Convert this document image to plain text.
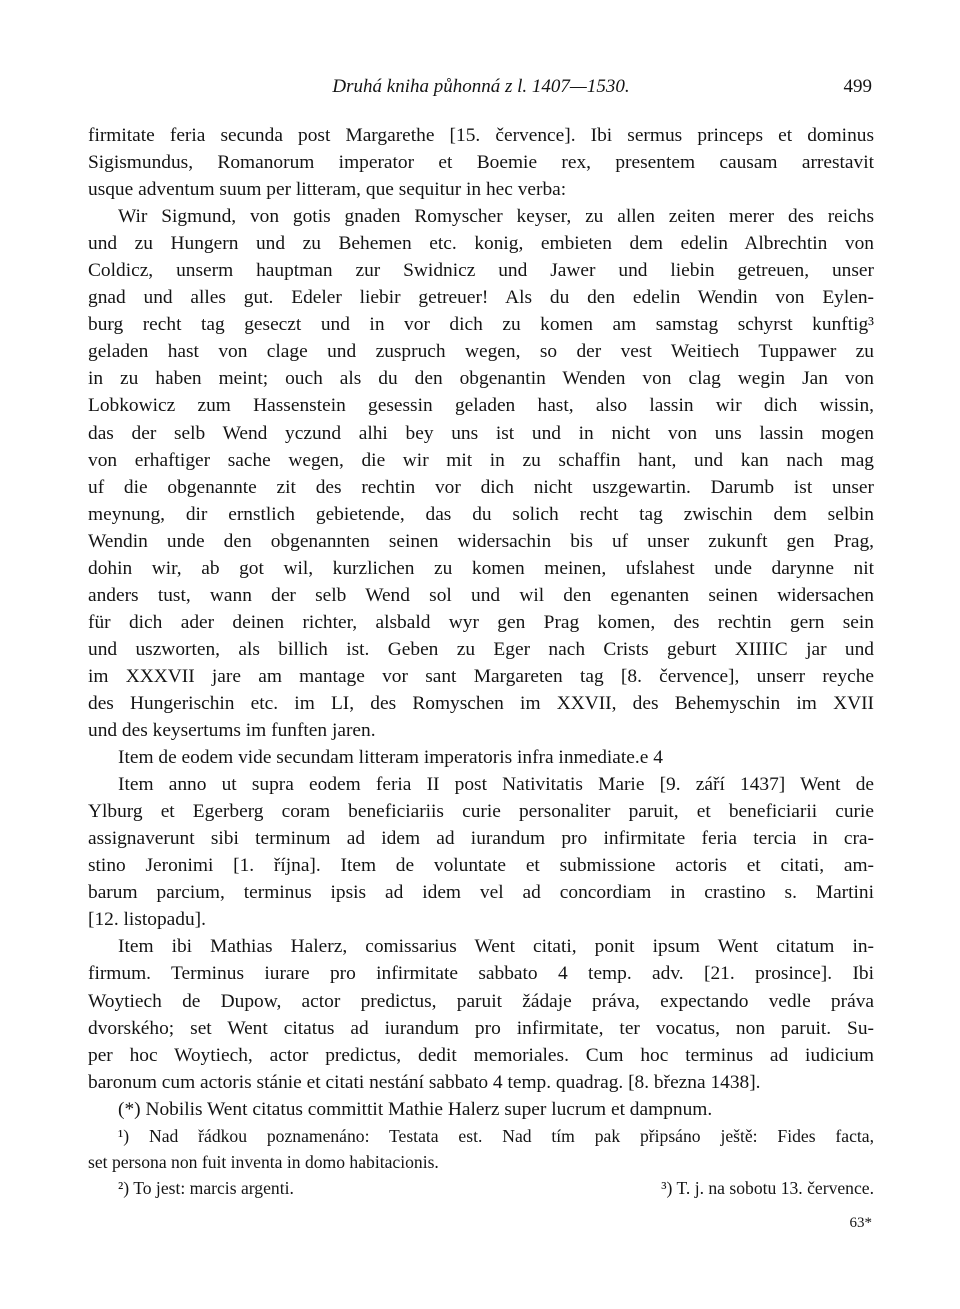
Druhá kniha půhonná z l. 1407—1530.	499

firmitate feria secunda post Margarethe [15. července]. Ibi sermus princeps et dominus

Sigismundus, Romanorum imperator et Boemie rex, presentem causam arrestavit

usque adventum suum per litteram, que sequitur in hec verba:

Wir Sigmund, von gotis gnaden Romyscher keyser, zu allen zeiten merer des reichs

und zu Hungern und zu Behemen etc. konig, embieten dem edelin Albrechtin von

Coldicz, unserm hauptman zur Swidnicz und Jawer und liebin getreuen, unser

gnad und alles gut. Edeler liebir getreuer! Als du den edelin Wendin von Eylen-

burg recht tag geseczt und in vor dich zu komen am samstag schyrst kunftig³

geladen hast von clage und zuspruch wegen, so der vest Weitiech Tuppawer zu

in zu haben meint; ouch als du den obgenantin Wenden von clag wegin Jan von

Lobkowicz zum Hassenstein gesessin geladen hast, also lassin wir dich wissin,

das der selb Wend yczund alhi bey uns ist und in nicht von uns lassin mogen

von erhaftiger sache wegen, die wir mit in zu schaffin hant, und kan nach mag

uf die obgenannte zit des rechtin vor dich nicht uszgewartin. Darumb ist unser

meynung, dir ernstlich gebietende, das du solich recht tag zwischin dem selbin

Wendin unde den obgenannten seinen widersachin bis uf unser zukunft gen Prag,

dohin wir, ab got wil, kurzlichen zu komen meinen, ufslahest unde darynne nit

anders tust, wann der selb Wend sol und wil den egenanten seinen widersachen

für dich ader deinen richter, alsbald wyr gen Prag komen, des rechtin gern sein

und uszworten, als billich ist. Geben zu Eger nach Crists geburt XIIIIC jar und

im XXXVII jare am mantage vor sant Margareten tag [8. července], unserr reyche

des Hungerischin etc. im LI, des Romyschen im XXVII, des Behemyschin im XVII

und des keysertums im funften jaren.

Item de eodem vide secundam litteram imperatoris infra inmediate.e 4

Item anno ut supra eodem feria II post Nativitatis Marie [9. září 1437] Went de

Ylburg et Egerberg coram beneficiariis curie personaliter paruit, et beneficiarii curie

assignaverunt sibi terminum ad idem ad iurandum pro infirmitate feria tercia in cra-

stino Jeronimi [1. října]. Item de voluntate et submissione actoris et citati, am-

barum parcium, terminus ipsis ad idem vel ad concordiam in crastino s. Martini

[12. listopadu].

Item ibi Mathias Halerz, comissarius Went citati, ponit ipsum Went citatum in-

firmum. Terminus iurare pro infirmitate sabbato 4 temp. adv. [21. prosince]. Ibi

Woytiech de Dupow, actor predictus, paruit žádaje práva, expectando vedle práva

dvorského; set Went citatus ad iurandum pro infirmitate, ter vocatus, non paruit. Su-

per hoc Woytiech, actor predictus, dedit memoriales. Cum hoc terminus ad iudicium

baronum cum actoris stánie et citati nestání sabbato 4 temp. quadrag. [8. března 1438].

(*) Nobilis Went citatus committit Mathie Halerz super lucrum et dampnum.

¹) Nad řádkou poznamenáno: Testata est. Nad tím pak připsáno ještě: Fides facta,

set persona non fuit inventa in domo habitacionis.

²) To jest: marcis argenti.	³) T. j. na sobotu 13. července.
63*
